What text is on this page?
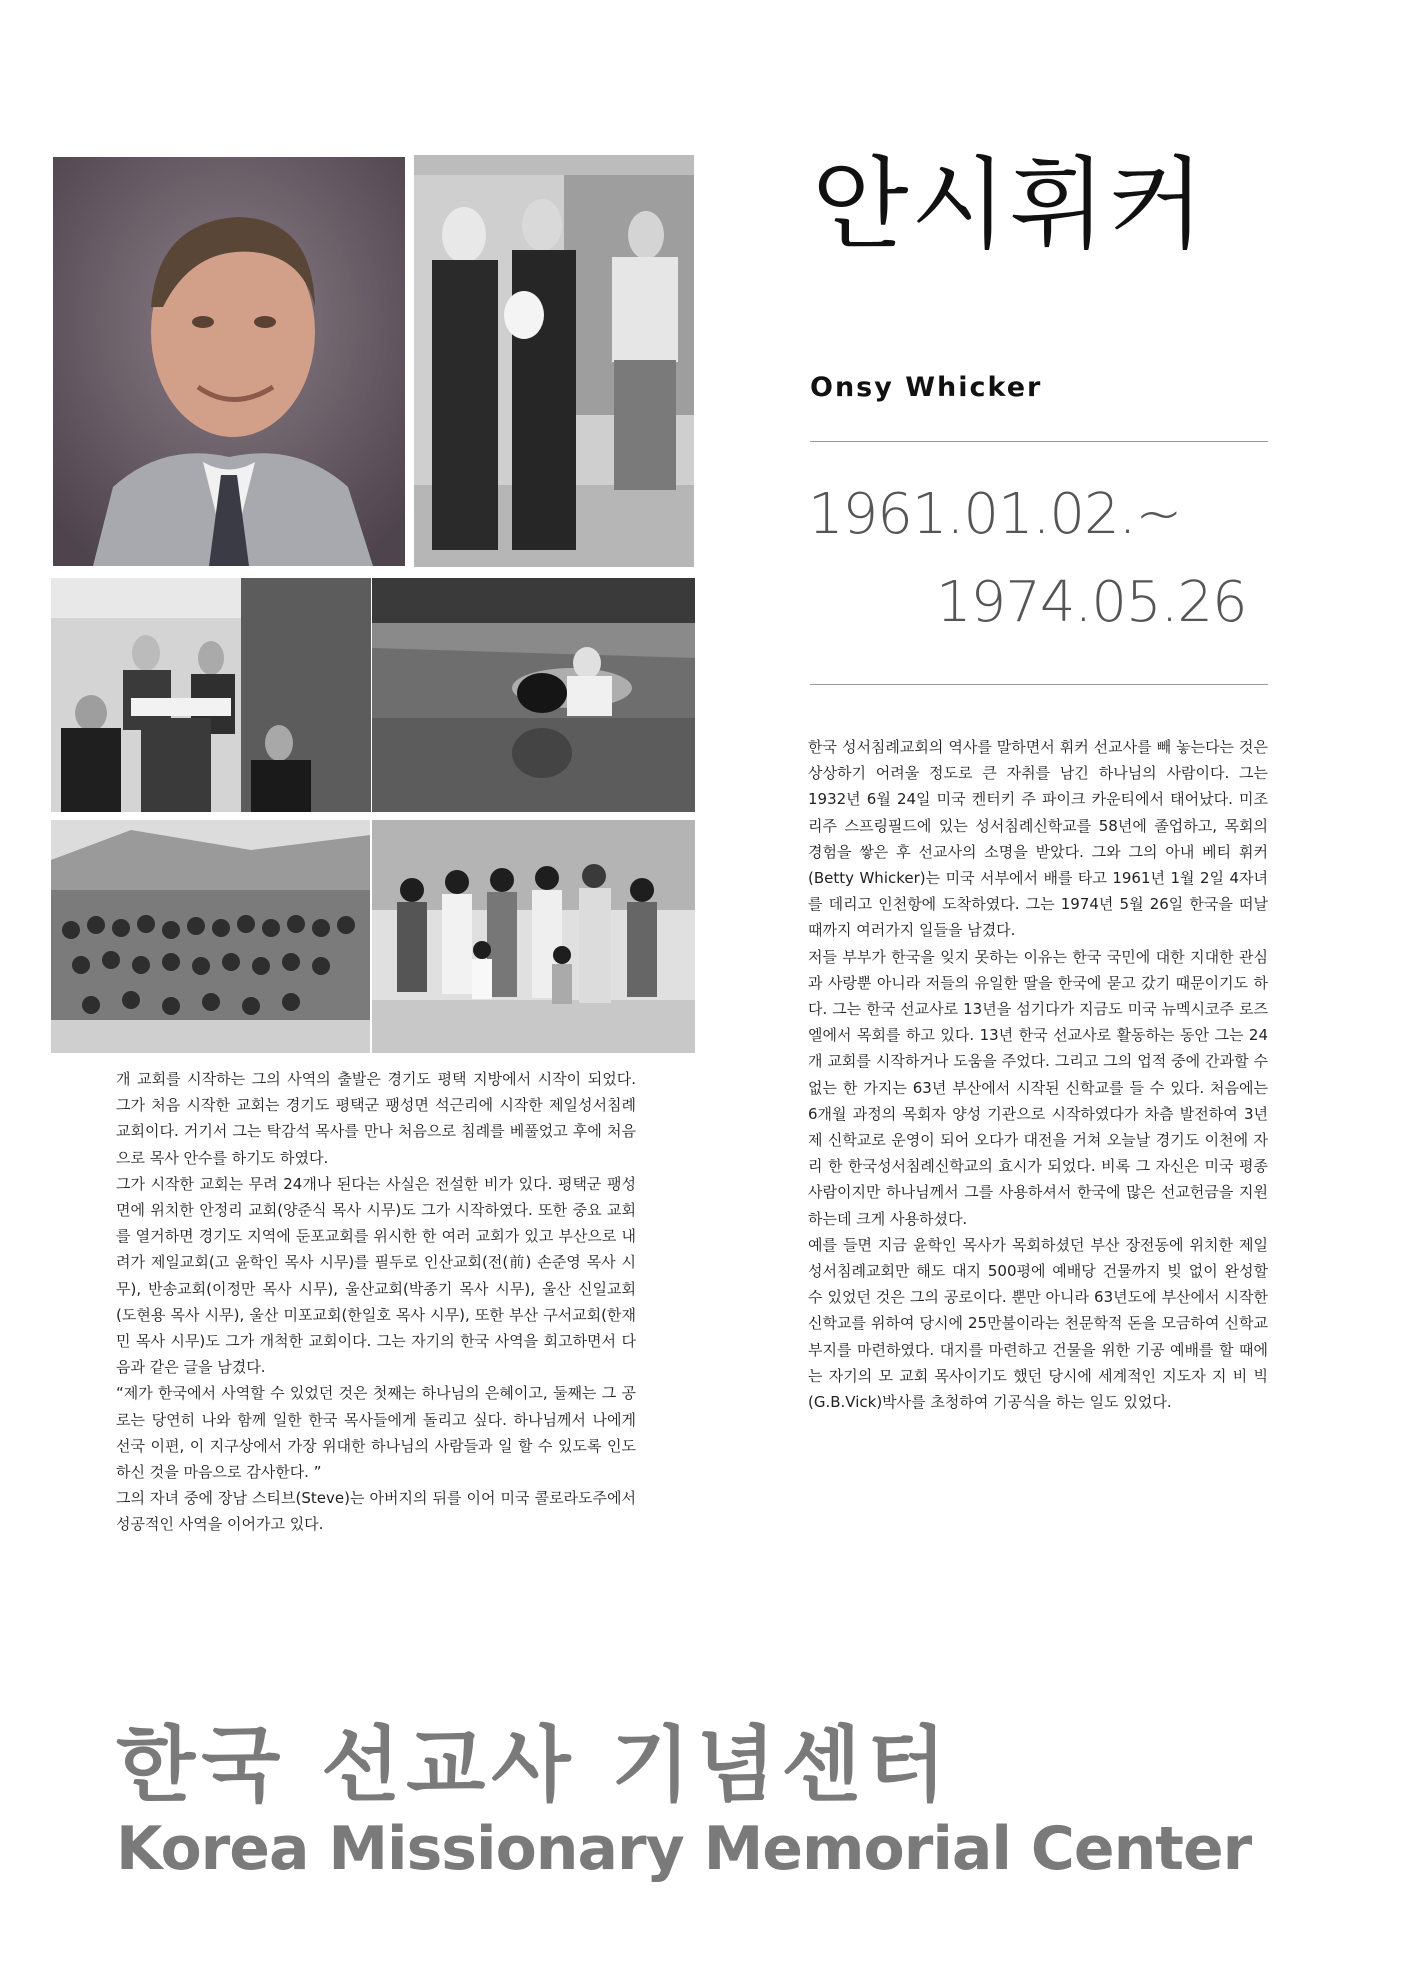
안시휘커
Onsy Whicker
1961.01.02.~
1974.05.26

한국 성서침례교회의 역사를 말하면서 휘커 선교사를 빼 놓는다는 것은 상상하기 어려울 정도로 큰 자취를 남긴 하나님의 사람이다. 그는 1932년 6월 24일 미국 켄터키 주 파이크 카운티에서 태어났다. 미조리주 스프링필드에 있는 성서침례신학교를 58년에 졸업하고, 목회의 경험을 쌓은 후 선교사의 소명을 받았다. 그와 그의 아내 베티 휘커(Betty Whicker)는 미국 서부에서 배를 타고 1961년 1월 2일 4자녀를 데리고 인천항에 도착하였다. 그는 1974년 5월 26일 한국을 떠날 때까지 여러가지 일들을 남겼다.

저들 부부가 한국을 잊지 못하는 이유는 한국 국민에 대한 지대한 관심과 사랑뿐 아니라 저들의 유일한 딸을 한국에 묻고 갔기 때문이기도 하다. 그는 한국 선교사로 13년을 섬기다가 지금도 미국 뉴멕시코주 로즈엘에서 목회를 하고 있다. 13년 한국 선교사로 활동하는 동안 그는 24개 교회를 시작하거나 도움을 주었다. 그리고 그의 업적 중에 간과할 수 없는 한 가지는 63년 부산에서 시작된 신학교를 들 수 있다. 처음에는 6개월 과정의 목회자 양성 기관으로 시작하였다가 차츰 발전하여 3년제 신학교로 운영이 되어 오다가 대전을 거쳐 오늘날 경기도 이천에 자리 한 한국성서침례신학교의 효시가 되었다. 비록 그 자신은 미국 평종사람이지만 하나님께서 그를 사용하셔서 한국에 많은 선교헌금을 지원하는데 크게 사용하셨다.

예를 들면 지금 윤학인 목사가 목회하셨던 부산 장전동에 위치한 제일성서침례교회만 해도 대지 500평에 예배당 건물까지 빚 없이 완성할 수 있었던 것은 그의 공로이다. 뿐만 아니라 63년도에 부산에서 시작한 신학교를 위하여 당시에 25만불이라는 천문학적 돈을 모금하여 신학교 부지를 마련하였다. 대지를 마련하고 건물을 위한 기공 예배를 할 때에는 자기의 모 교회 목사이기도 했던 당시에 세계적인 지도자 지 비 빅(G.B.Vick)박사를 초청하여 기공식을 하는 일도 있었다.

개 교회를 시작하는 그의 사역의 출발은 경기도 평택 지방에서 시작이 되었다. 그가 처음 시작한 교회는 경기도 평택군 팽성면 석근리에 시작한 제일성서침례교회이다. 거기서 그는 탁감석 목사를 만나 처음으로 침례를 베풀었고 후에 처음으로 목사 안수를 하기도 하였다.

그가 시작한 교회는 무려 24개나 된다는 사실은 전설한 비가 있다. 평택군 팽성면에 위치한 안정리 교회(양준식 목사 시무)도 그가 시작하였다. 또한 중요 교회를 열거하면 경기도 지역에 둔포교회를 위시한 한 여러 교회가 있고 부산으로 내려가 제일교회(고 윤학인 목사 시무)를 필두로 인산교회(전(前) 손준영 목사 시무), 반송교회(이정만 목사 시무), 울산교회(박종기 목사 시무), 울산 신일교회(도현용 목사 시무), 울산 미포교회(한일호 목사 시무), 또한 부산 구서교회(한재민 목사 시무)도 그가 개척한 교회이다. 그는 자기의 한국 사역을 회고하면서 다음과 같은 글을 남겼다.

“제가 한국에서 사역할 수 있었던 것은 첫째는 하나님의 은혜이고, 둘째는 그 공로는 당연히 나와 함께 일한 한국 목사들에게 돌리고 싶다. 하나님께서 나에게 선국 이편, 이 지구상에서 가장 위대한 하나님의 사람들과 일 할 수 있도록 인도하신 것을 마음으로 감사한다. ”

그의 자녀 중에 장남 스티브(Steve)는 아버지의 뒤를 이어 미국 콜로라도주에서 성공적인 사역을 이어가고 있다.

한국 선교사 기념센터
Korea Missionary Memorial Center
